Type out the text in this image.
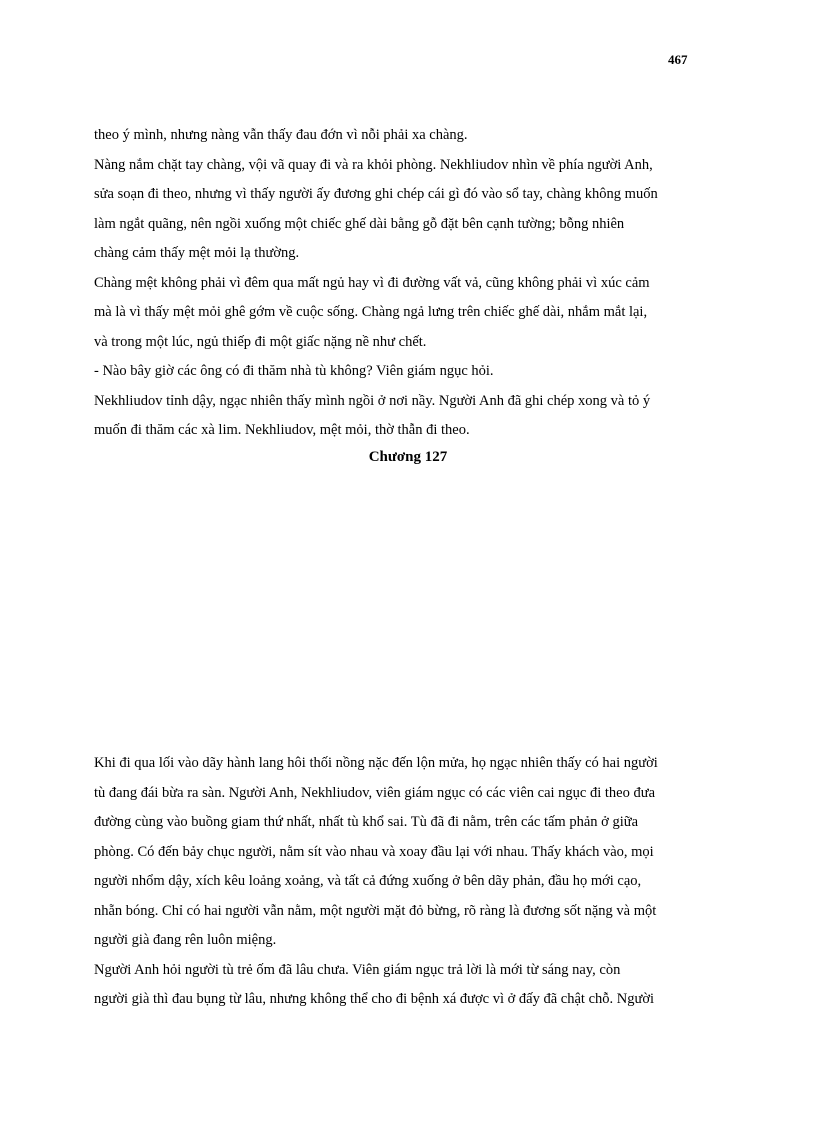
467
theo ý mình, nhưng nàng vẫn thấy đau đớn vì nỗi phải xa chàng.
Nàng nắm chặt tay chàng, vội vã quay đi và ra khỏi phòng. Nekhliudov nhìn về phía người Anh,
sửa soạn đi theo, nhưng vì thấy người ấy đương ghi chép cái gì đó vào sổ tay, chàng không muốn
làm ngắt quãng, nên ngồi xuống một chiếc ghế dài bằng gỗ đặt bên cạnh tường; bỗng nhiên
chàng cảm thấy mệt mỏi lạ thường.
Chàng mệt không phải vì đêm qua mất ngủ hay vì đi đường vất vả, cũng không phải vì xúc cảm
mà là vì thấy mệt mỏi ghê gớm về cuộc sống. Chàng ngả lưng trên chiếc ghế dài, nhắm mắt lại,
và trong một lúc, ngủ thiếp đi một giấc nặng nề như chết.
- Nào bây giờ các ông có đi thăm nhà tù không? Viên giám ngục hỏi.
Nekhliudov tỉnh dậy, ngạc nhiên thấy mình ngồi ở nơi nầy. Người Anh đã ghi chép xong và tỏ ý
muốn đi thăm các xà lim. Nekhliudov, mệt mỏi, thờ thẫn đi theo.
Chương 127
Khi đi qua lối vào dãy hành lang hôi thối nồng nặc đến lộn mửa, họ ngạc nhiên thấy có hai người
tù đang đái bừa ra sàn. Người Anh, Nekhliudov, viên giám ngục có các viên cai ngục đi theo đưa
đường cùng vào buồng giam thứ nhất, nhất tù khổ sai. Tù đã đi nằm, trên các tấm phản ở giữa
phòng. Có đến bảy chục người, nằm sít vào nhau và xoay đầu lại với nhau. Thấy khách vào, mọi
người nhổm dậy, xích kêu loảng xoảng, và tất cả đứng xuống ở bên dãy phản, đầu họ mới cạo,
nhẵn bóng. Chỉ có hai người vẫn nằm, một người mặt đỏ bừng, rõ ràng là đương sốt nặng và một
người già đang rên luôn miệng.
Người Anh hỏi người tù trẻ ốm đã lâu chưa. Viên giám ngục trả lời là mới từ sáng nay, còn
người già thì đau bụng từ lâu, nhưng không thể cho đi bệnh xá được vì ở đấy đã chật chỗ. Người
